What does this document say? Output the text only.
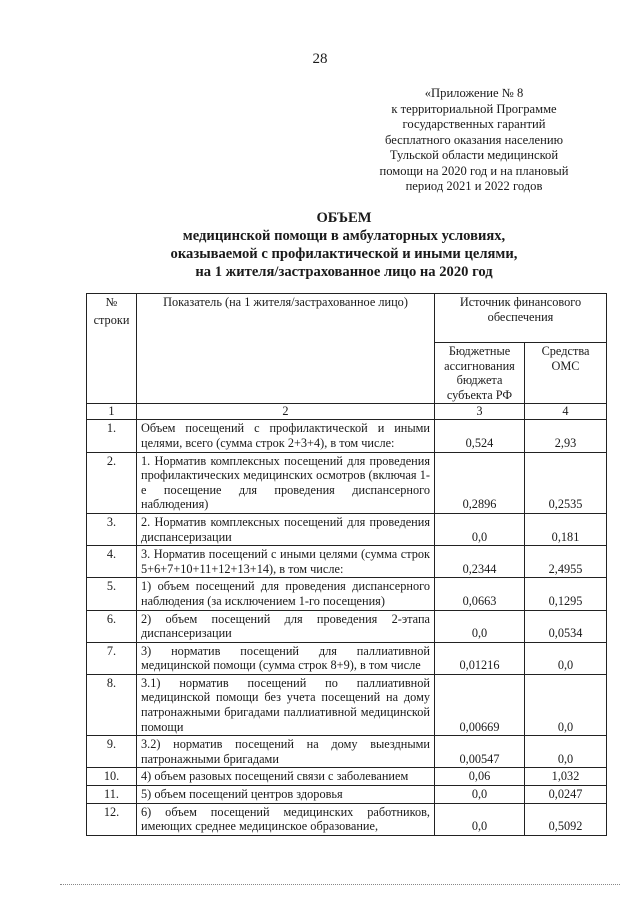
28
«Приложение № 8
к территориальной Программе
государственных гарантий
бесплатного оказания населению
Тульской области медицинской
помощи на 2020 год и на плановый
период 2021 и 2022 годов
ОБЪЕМ
медицинской помощи в амбулаторных условиях,
оказываемой с профилактической и иными целями,
на 1 жителя/застрахованное лицо на 2020 год
№
строки	Показатель (на 1 жителя/застрахованное лицо)	Источник финансового обеспечения	
		Бюджетные ассигнования бюджета субъекта РФ	Средства ОМС
1	2	3	4
1.	Объем посещений с профилактической и иными целями, всего (сумма строк 2+3+4), в том числе:	0,524	2,93
2.	1. Норматив комплексных посещений для проведения профилактических медицинских осмотров (включая 1-е посещение для проведения диспансерного наблюдения)	0,2896	0,2535
3.	2. Норматив комплексных посещений для проведения диспансеризации	0,0	0,181
4.	3. Норматив посещений с иными целями (сумма строк 5+6+7+10+11+12+13+14), в том числе:	0,2344	2,4955
5.	1) объем посещений для проведения диспансерного наблюдения (за исключением 1-го посещения)	0,0663	0,1295
6.	2) объем посещений для проведения 2-этапа диспансеризации	0,0	0,0534
7.	3) норматив посещений для паллиативной медицинской помощи (сумма строк 8+9), в том числе	0,01216	0,0
8.	3.1) норматив посещений по паллиативной медицинской помощи без учета посещений на дому патронажными бригадами паллиативной медицинской помощи	0,00669	0,0
9.	3.2) норматив посещений на дому выездными патронажными бригадами	0,00547	0,0
10.	4) объем разовых посещений связи с заболеванием	0,06	1,032
11.	5) объем посещений центров здоровья	0,0	0,0247
12.	6) объем посещений медицинских работников, имеющих среднее медицинское образование,	0,0	0,5092
